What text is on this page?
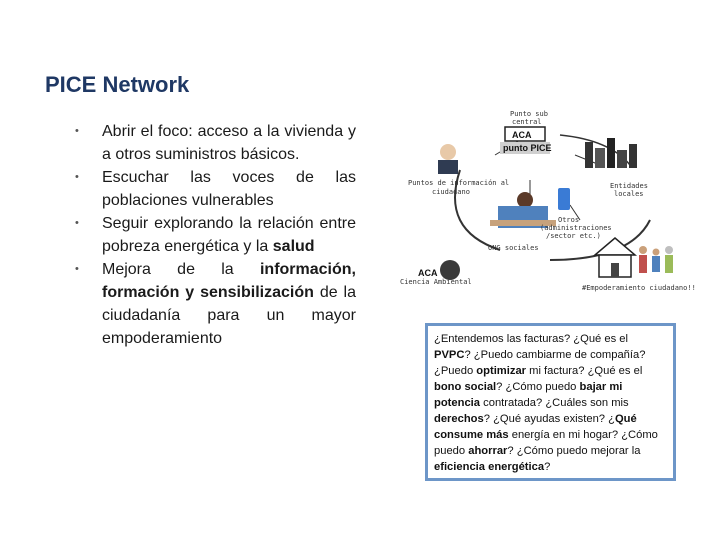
PICE Network
• Abrir el foco: acceso a la vivienda y a otros suministros básicos.
• Escuchar las voces de las poblaciones vulnerables
• Seguir explorando la relación entre pobreza energética y la salud
• Mejora de la información, formación y sensibilización de la ciudadanía para un mayor empoderamiento
Punto sub
central
ACA
punto PICE
Puntos de información al
ciudadano
Entidades
locales
Otros
(administraciones
/sector etc.)
ONG sociales
ACA
Ciencia Ambiental
#Empoderamiento ciudadano!!
¿Entendemos las facturas? ¿Qué es el PVPC? ¿Puedo cambiarme de compañía? ¿Puedo optimizar mi factura? ¿Qué es el bono social? ¿Cómo puedo bajar mi potencia contratada? ¿Cuáles son mis derechos? ¿Qué ayudas existen? ¿Qué consume más energía en mi hogar? ¿Cómo puedo ahorrar? ¿Cómo puedo mejorar la eficiencia energética?
